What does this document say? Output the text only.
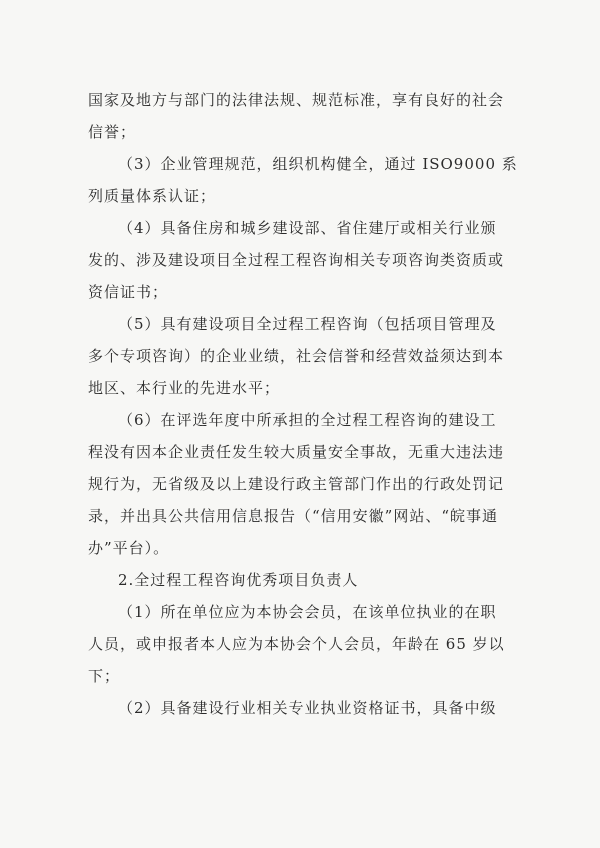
国家及地方与部门的法律法规、规范标准，享有良好的社会
信誉；
（3）企业管理规范，组织机构健全，通过 ISO9000 系
列质量体系认证；
（4）具备住房和城乡建设部、省住建厅或相关行业颁
发的、涉及建设项目全过程工程咨询相关专项咨询类资质或
资信证书；
（5）具有建设项目全过程工程咨询（包括项目管理及
多个专项咨询）的企业业绩，社会信誉和经营效益须达到本
地区、本行业的先进水平；
（6）在评选年度中所承担的全过程工程咨询的建设工
程没有因本企业责任发生较大质量安全事故，无重大违法违
规行为，无省级及以上建设行政主管部门作出的行政处罚记
录，并出具公共信用信息报告（“信用安徽”网站、“皖事通
办”平台）。
2.全过程工程咨询优秀项目负责人
（1）所在单位应为本协会会员，在该单位执业的在职
人员，或申报者本人应为本协会个人会员，年龄在 65 岁以
下；
（2）具备建设行业相关专业执业资格证书，具备中级
